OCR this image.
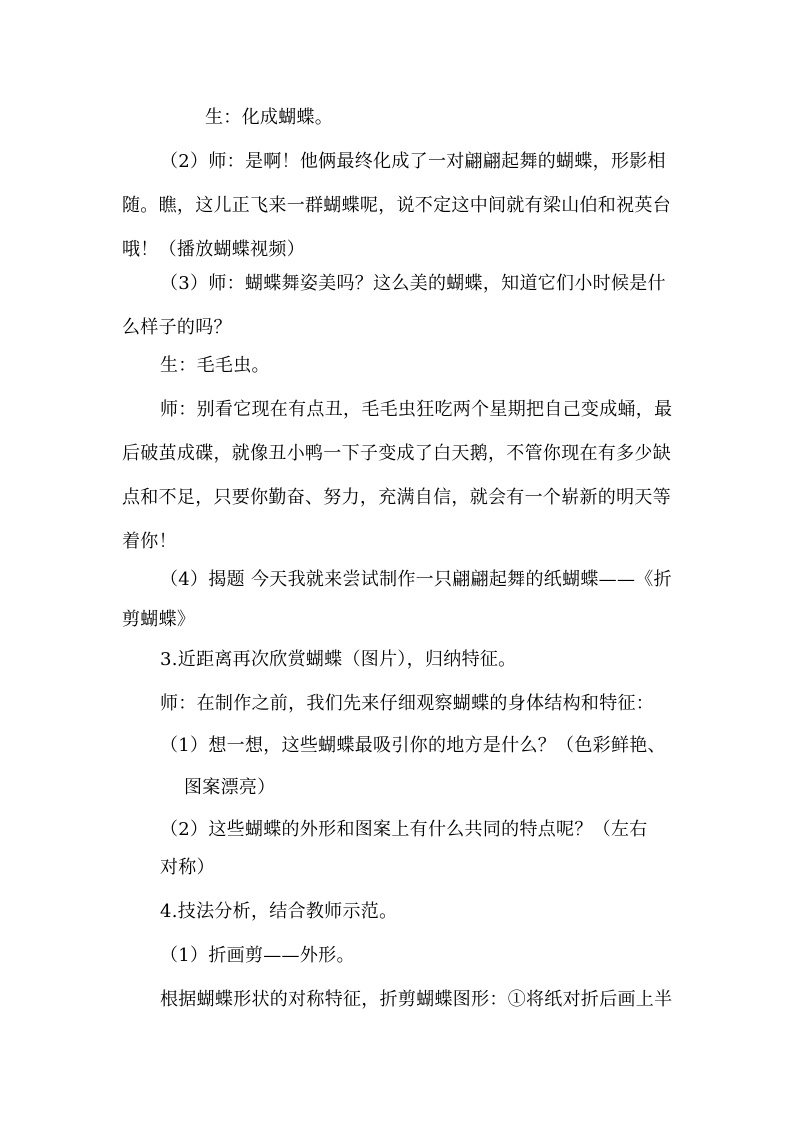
生：化成蝴蝶。
（2）师：是啊！他俩最终化成了一对翩翩起舞的蝴蝶，形影相
随。瞧，这儿正飞来一群蝴蝶呢，说不定这中间就有梁山伯和祝英台
哦！（播放蝴蝶视频）
（3）师：蝴蝶舞姿美吗？这么美的蝴蝶，知道它们小时候是什
么样子的吗？
生：毛毛虫。
师：别看它现在有点丑，毛毛虫狂吃两个星期把自己变成蛹，最
后破茧成碟，就像丑小鸭一下子变成了白天鹅，不管你现在有多少缺
点和不足，只要你勤奋、努力，充满自信，就会有一个崭新的明天等
着你！
（4）揭题 今天我就来尝试制作一只翩翩起舞的纸蝴蝶——《折
剪蝴蝶》
3.近距离再次欣赏蝴蝶（图片），归纳特征。
师：在制作之前，我们先来仔细观察蝴蝶的身体结构和特征：
（1）想一想，这些蝴蝶最吸引你的地方是什么？（色彩鲜艳、
图案漂亮）
（2）这些蝴蝶的外形和图案上有什么共同的特点呢？（左右
对称）
4.技法分析，结合教师示范。
（1）折画剪——外形。
根据蝴蝶形状的对称特征，折剪蝴蝶图形：①将纸对折后画上半
